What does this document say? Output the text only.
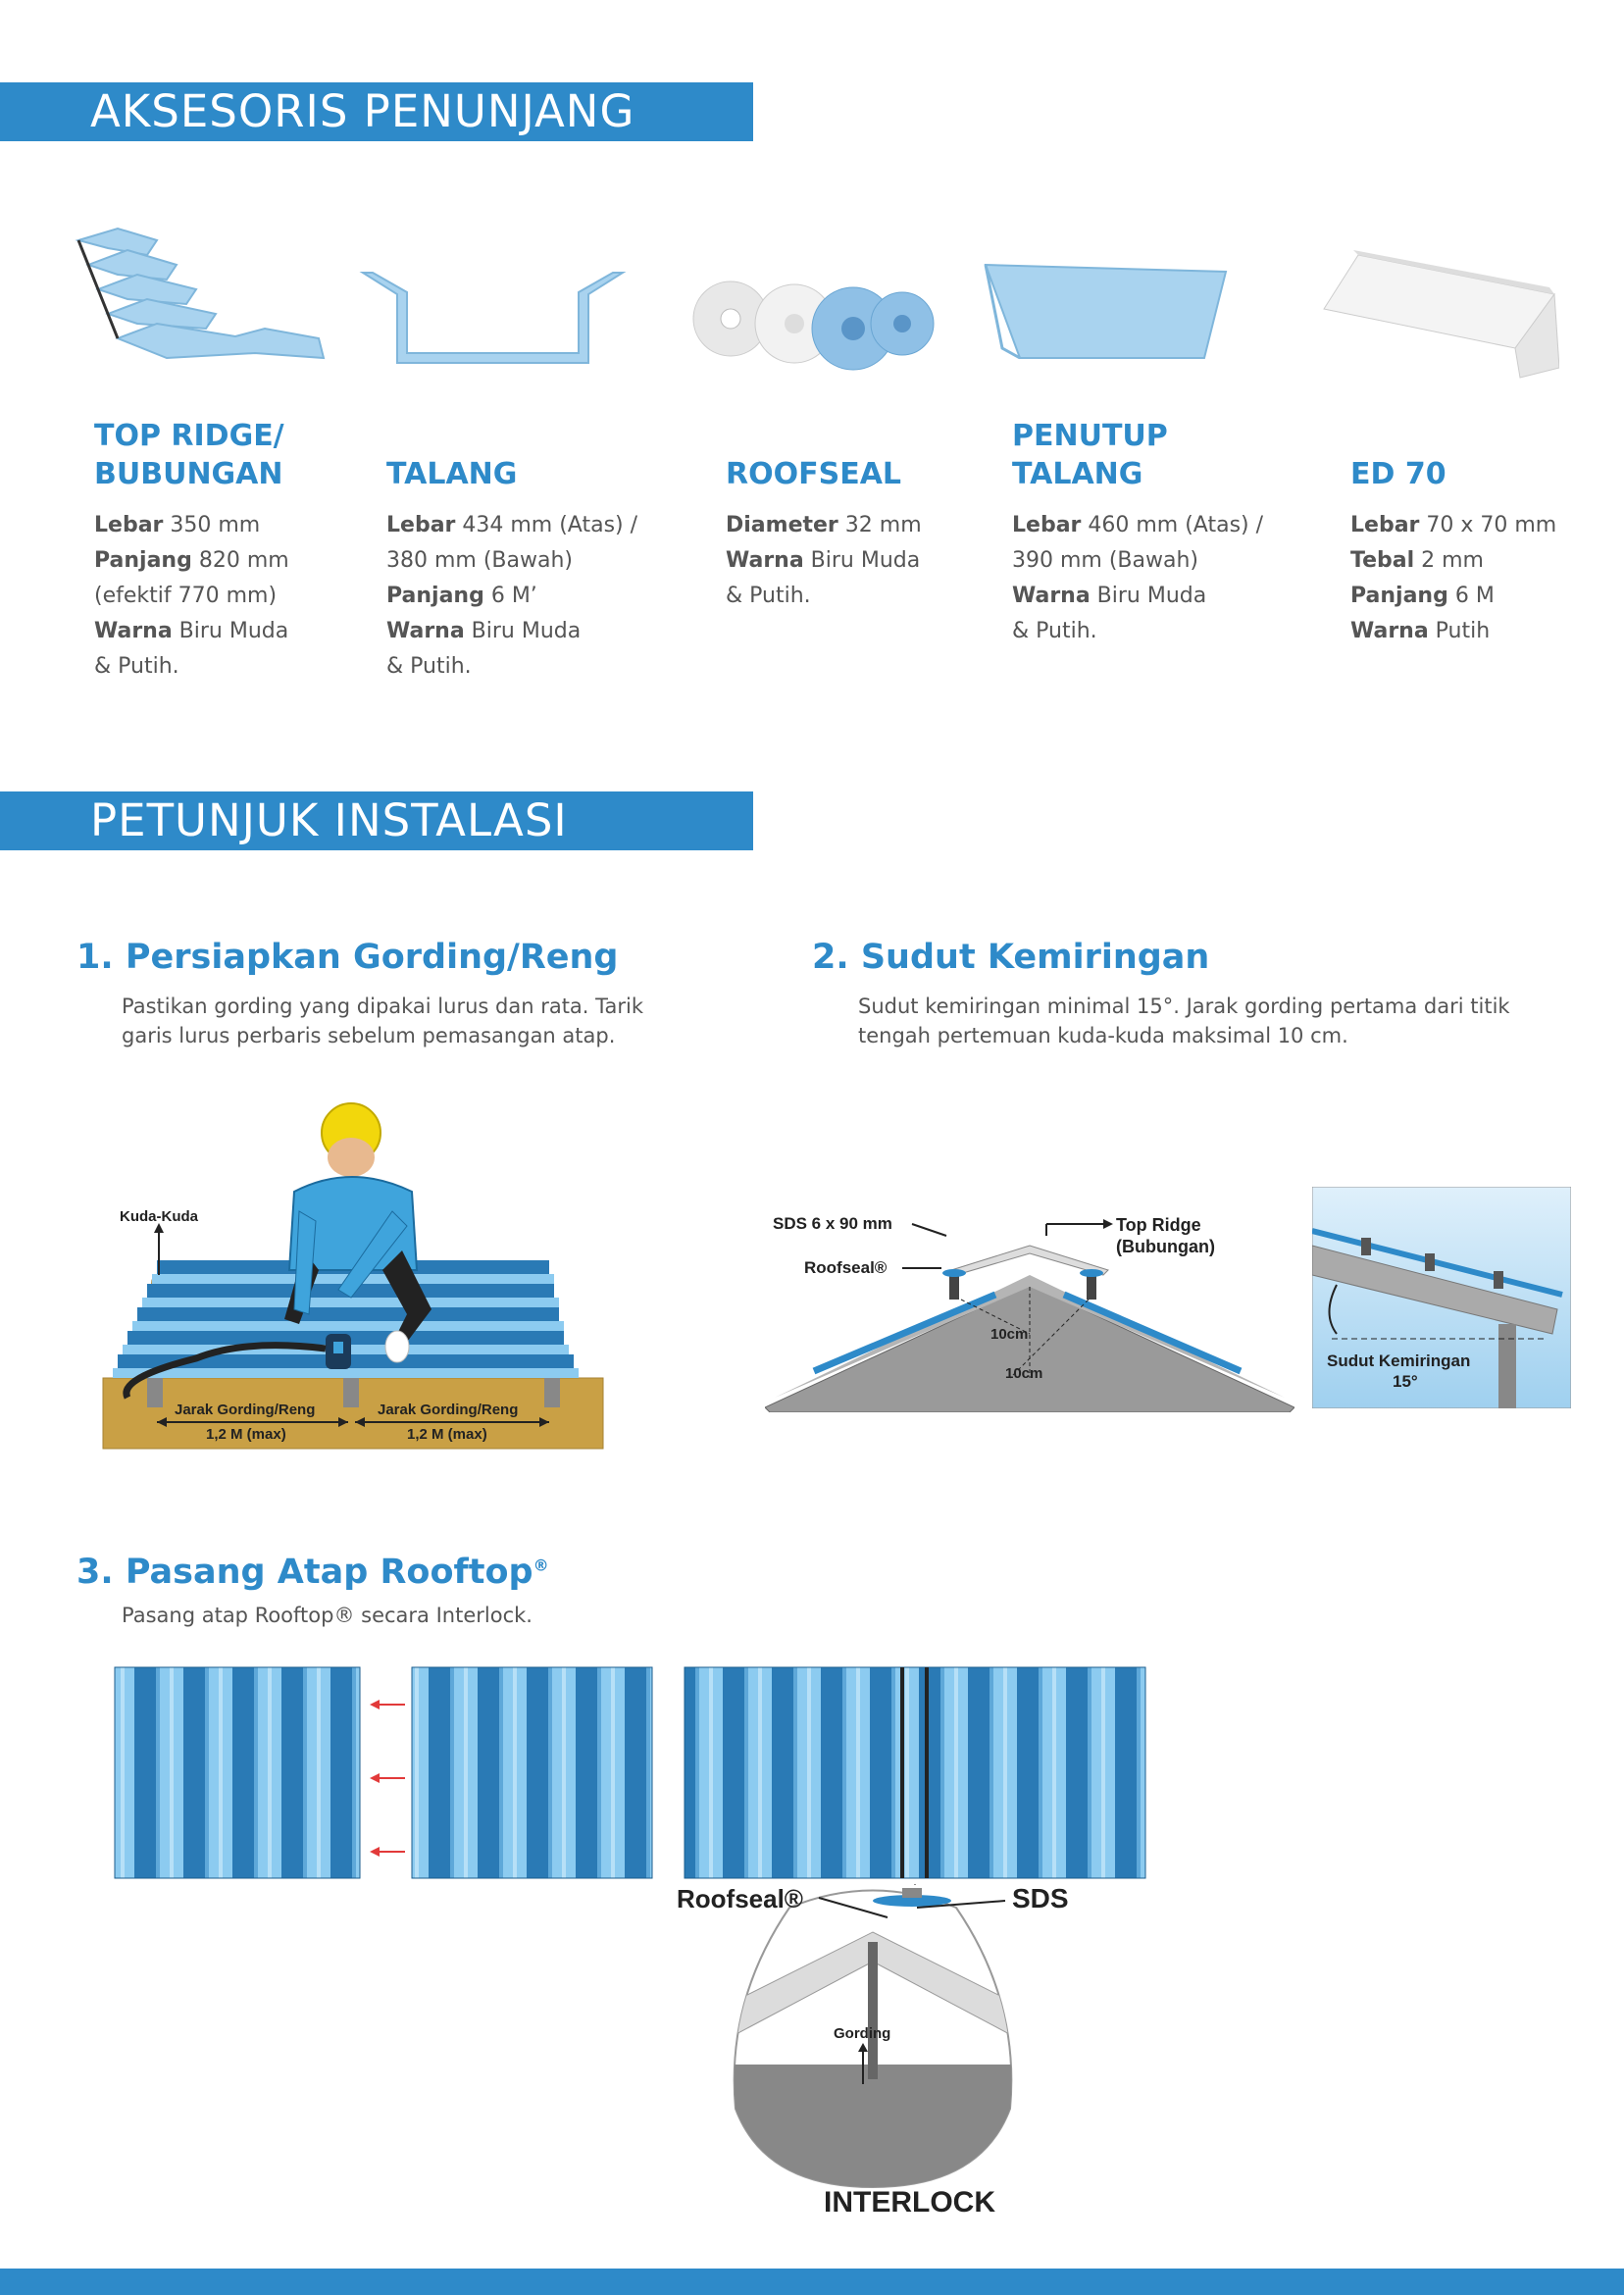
AKSESORIS PENUNJANG
TOP RIDGE/
BUBUNGAN	TALANG	ROOFSEAL
PENUTUP
TALANG	ED 70
Lebar 350 mm
Panjang 820 mm
(efektif 770 mm)
Warna Biru Muda
& Putih.
Lebar 434 mm (Atas) /
380 mm (Bawah)
Panjang 6 M’
Warna Biru Muda
& Putih.
Diameter 32 mm
Warna Biru Muda
& Putih.
Lebar 460 mm (Atas) /
390 mm (Bawah)
Warna Biru Muda
& Putih.
Lebar 70 x 70 mm
Tebal 2 mm
Panjang 6 M
Warna Putih
PETUNJUK INSTALASI
1. Persiapkan Gording/Reng
Pastikan gording yang dipakai lurus dan rata. Tarik
garis lurus perbaris sebelum pemasangan atap.
Kuda-Kuda
Jarak Gording/Reng
1,2 M (max)
Jarak Gording/Reng
1,2 M (max)
2. Sudut Kemiringan
Sudut kemiringan minimal 15°. Jarak gording pertama dari titik
tengah pertemuan kuda-kuda maksimal 10 cm.
10cm
10cm
SDS 6 x 90 mm
Roofseal®
Top Ridge
(Bubungan)
Sudut Kemiringan
15°
3. Pasang Atap Rooftop®
Pasang atap Rooftop® secara Interlock.
Roofseal®	SDS
Gording
INTERLOCK
